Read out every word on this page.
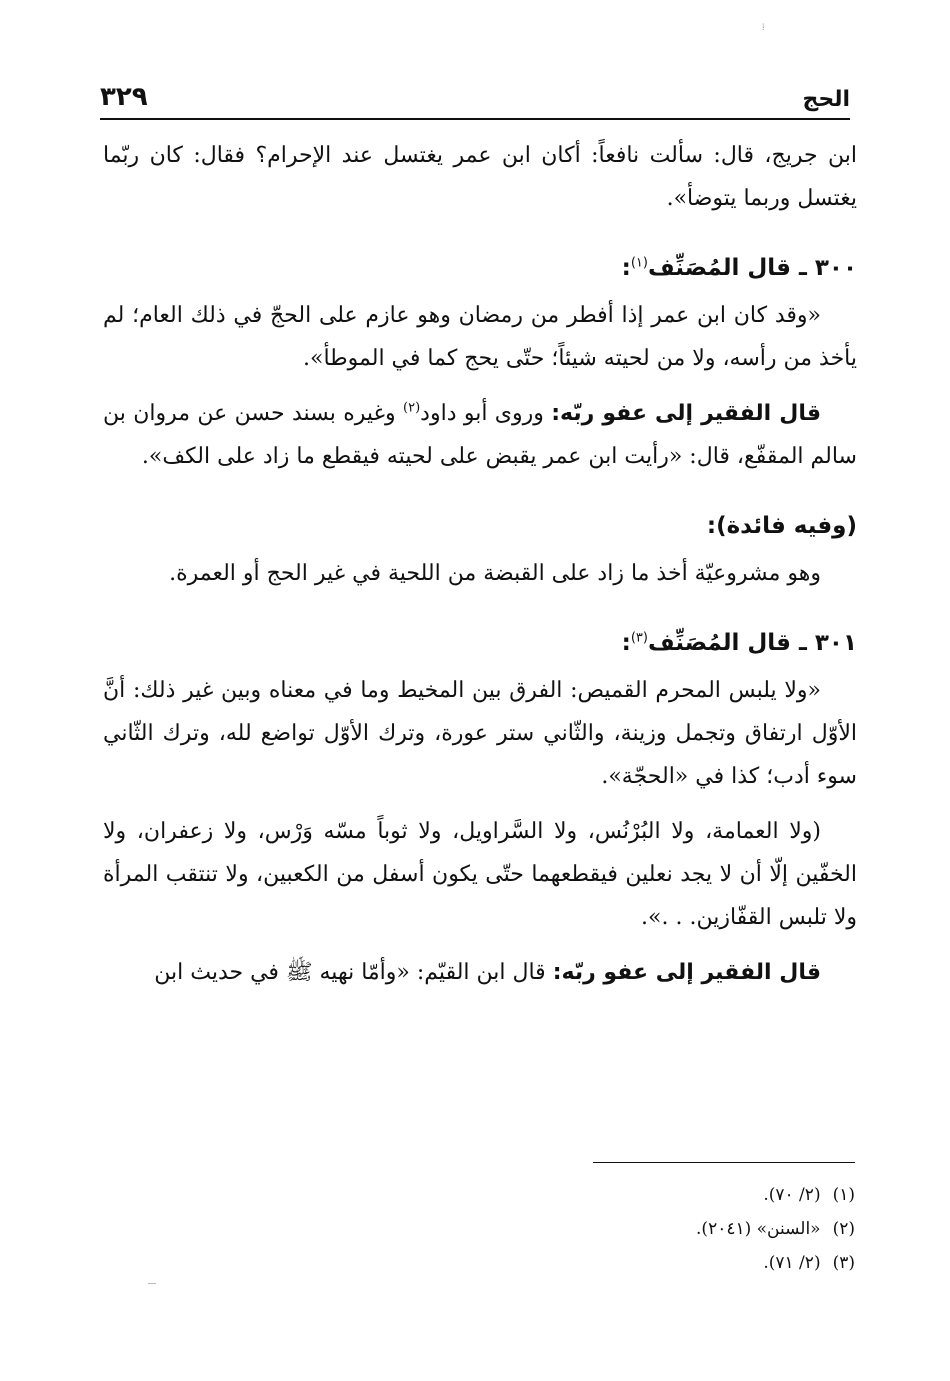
⁞
الحج
٣٢٩

ابن جريج، قال: سألت نافعاً: أكان ابن عمر يغتسل عند الإحرام؟ فقال: كان ربّما يغتسل وربما يتوضأ».

٣٠٠ ـ قال المُصَنِّف$^{(١)}$:

«وقد كان ابن عمر إذا أفطر من رمضان وهو عازم على الحجّ في ذلك العام؛ لم يأخذ من رأسه، ولا من لحيته شيئاً؛ حتّى يحج كما في الموطأ».

قال الفقير إلى عفو ربّه: وروى أبو داود$^{(٢)}$ وغيره بسند حسن عن مروان بن سالم المقفّع، قال: «رأيت ابن عمر يقبض على لحيته فيقطع ما زاد على الكف».

(وفيه فائدة):

وهو مشروعيّة أخذ ما زاد على القبضة من اللحية في غير الحج أو العمرة.

٣٠١ ـ قال المُصَنِّف$^{(٣)}$:

«ولا يلبس المحرم القميص: الفرق بين المخيط وما في معناه وبين غير ذلك: أنَّ الأوّل ارتفاق وتجمل وزينة، والثّاني ستر عورة، وترك الأوّل تواضع لله، وترك الثّاني سوء أدب؛ كذا في «الحجّة».

(ولا العمامة، ولا البُرْنُس، ولا السَّراويل، ولا ثوباً مسّه وَرْس، ولا زعفران، ولا الخفّين إلّا أن لا يجد نعلين فيقطعهما حتّى يكون أسفل من الكعبين، ولا تنتقب المرأة ولا تلبس القفّازين. . .».

قال الفقير إلى عفو ربّه: قال ابن القيّم: «وأمّا نهيه ﷺ في حديث ابن

(١)(٢/ ٧٠).
(٢)«السنن» (٢٠٤١).
(٣)(٢/ ٧١).
